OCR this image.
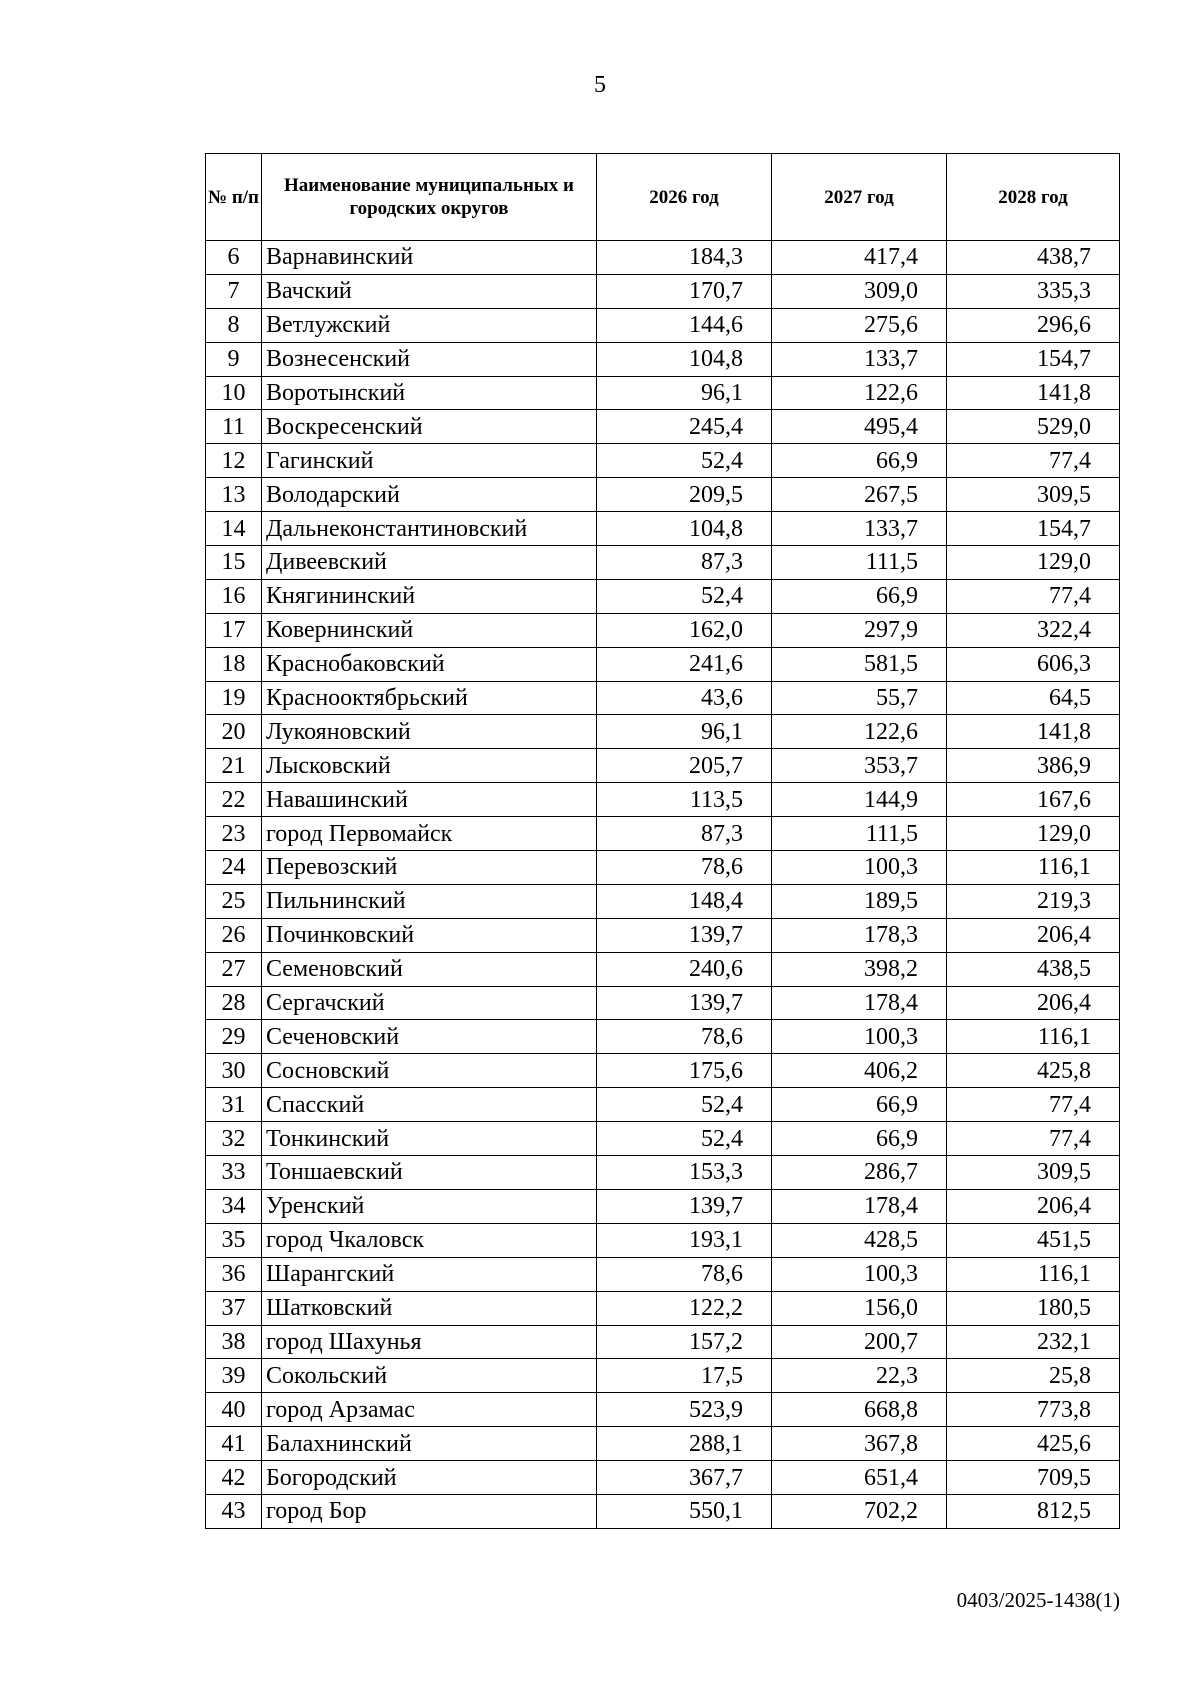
5
№ п/п	Наименование муниципальных и городских округов	2026 год	2027 год	2028 год
6	Варнавинский	184,3	417,4	438,7
7	Вачский	170,7	309,0	335,3
8	Ветлужский	144,6	275,6	296,6
9	Вознесенский	104,8	133,7	154,7
10	Воротынский	96,1	122,6	141,8
11	Воскресенский	245,4	495,4	529,0
12	Гагинский	52,4	66,9	77,4
13	Володарский	209,5	267,5	309,5
14	Дальнеконстантиновский	104,8	133,7	154,7
15	Дивеевский	87,3	111,5	129,0
16	Княгининский	52,4	66,9	77,4
17	Ковернинский	162,0	297,9	322,4
18	Краснобаковский	241,6	581,5	606,3
19	Краснооктябрьский	43,6	55,7	64,5
20	Лукояновский	96,1	122,6	141,8
21	Лысковский	205,7	353,7	386,9
22	Навашинский	113,5	144,9	167,6
23	город Первомайск	87,3	111,5	129,0
24	Перевозский	78,6	100,3	116,1
25	Пильнинский	148,4	189,5	219,3
26	Починковский	139,7	178,3	206,4
27	Семеновский	240,6	398,2	438,5
28	Сергачский	139,7	178,4	206,4
29	Сеченовский	78,6	100,3	116,1
30	Сосновский	175,6	406,2	425,8
31	Спасский	52,4	66,9	77,4
32	Тонкинский	52,4	66,9	77,4
33	Тоншаевский	153,3	286,7	309,5
34	Уренский	139,7	178,4	206,4
35	город Чкаловск	193,1	428,5	451,5
36	Шарангский	78,6	100,3	116,1
37	Шатковский	122,2	156,0	180,5
38	город Шахунья	157,2	200,7	232,1
39	Сокольский	17,5	22,3	25,8
40	город Арзамас	523,9	668,8	773,8
41	Балахнинский	288,1	367,8	425,6
42	Богородский	367,7	651,4	709,5
43	город Бор	550,1	702,2	812,5
0403/2025-1438(1)
